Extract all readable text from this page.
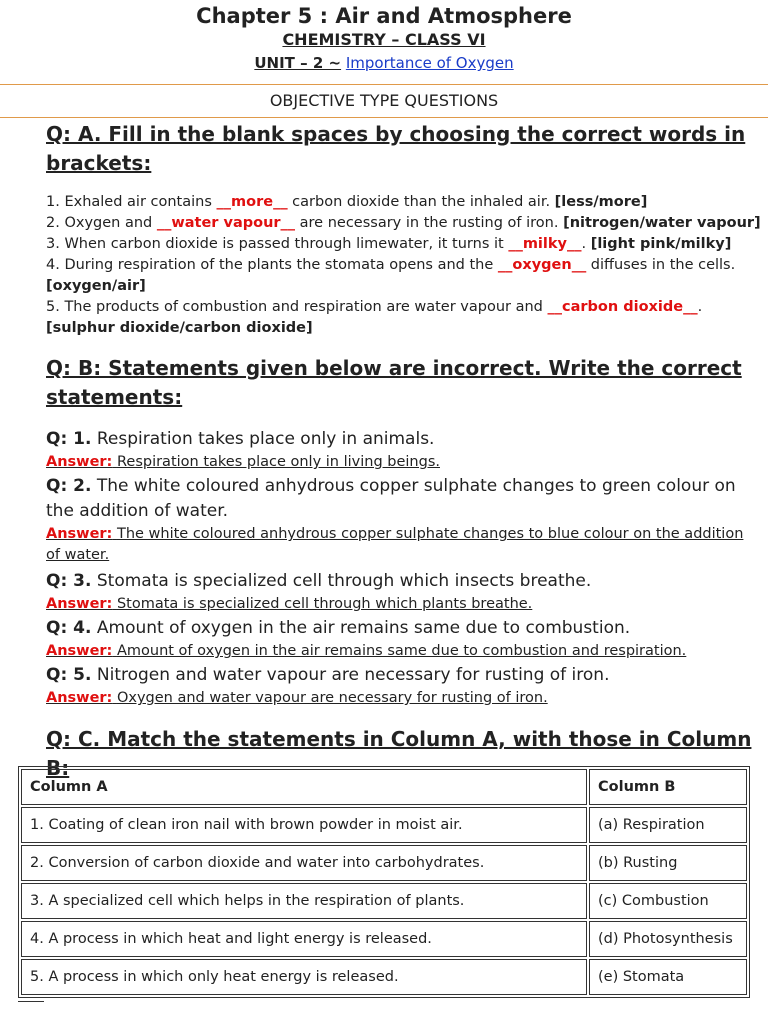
Chapter 5 : Air and Atmosphere
CHEMISTRY – CLASS VI
UNIT – 2 ~ Importance of Oxygen
OBJECTIVE TYPE QUESTIONS
Q: A. Fill in the blank spaces by choosing the correct words in brackets:
1. Exhaled air contains __more__ carbon dioxide than the inhaled air. [less/more]
2. Oxygen and __water vapour__ are necessary in the rusting of iron. [nitrogen/water vapour]
3. When carbon dioxide is passed through limewater, it turns it __milky__. [light pink/milky]
4. During respiration of the plants the stomata opens and the __oxygen__ diffuses in the cells. [oxygen/air]
5. The products of combustion and respiration are water vapour and __carbon dioxide__. [sulphur dioxide/carbon dioxide]
Q: B: Statements given below are incorrect. Write the correct statements:
Q: 1. Respiration takes place only in animals.
Answer: Respiration takes place only in living beings.
Q: 2. The white coloured anhydrous copper sulphate changes to green colour on the addition of water.
Answer: The white coloured anhydrous copper sulphate changes to blue colour on the addition of water.
Q: 3. Stomata is specialized cell through which insects breathe.
Answer: Stomata is specialized cell through which plants breathe.
Q: 4. Amount of oxygen in the air remains same due to combustion.
Answer: Amount of oxygen in the air remains same due to combustion and respiration.
Q: 5. Nitrogen and water vapour are necessary for rusting of iron.
Answer: Oxygen and water vapour are necessary for rusting of iron.
Q: C. Match the statements in Column A, with those in Column B:
Column A	Column B
1. Coating of clean iron nail with brown powder in moist air.	(a) Respiration
2. Conversion of carbon dioxide and water into carbohydrates.	(b) Rusting
3. A specialized cell which helps in the respiration of plants.	(c) Combustion
4. A process in which heat and light energy is released.	(d) Photosynthesis
5. A process in which only heat energy is released.	(e) Stomata
